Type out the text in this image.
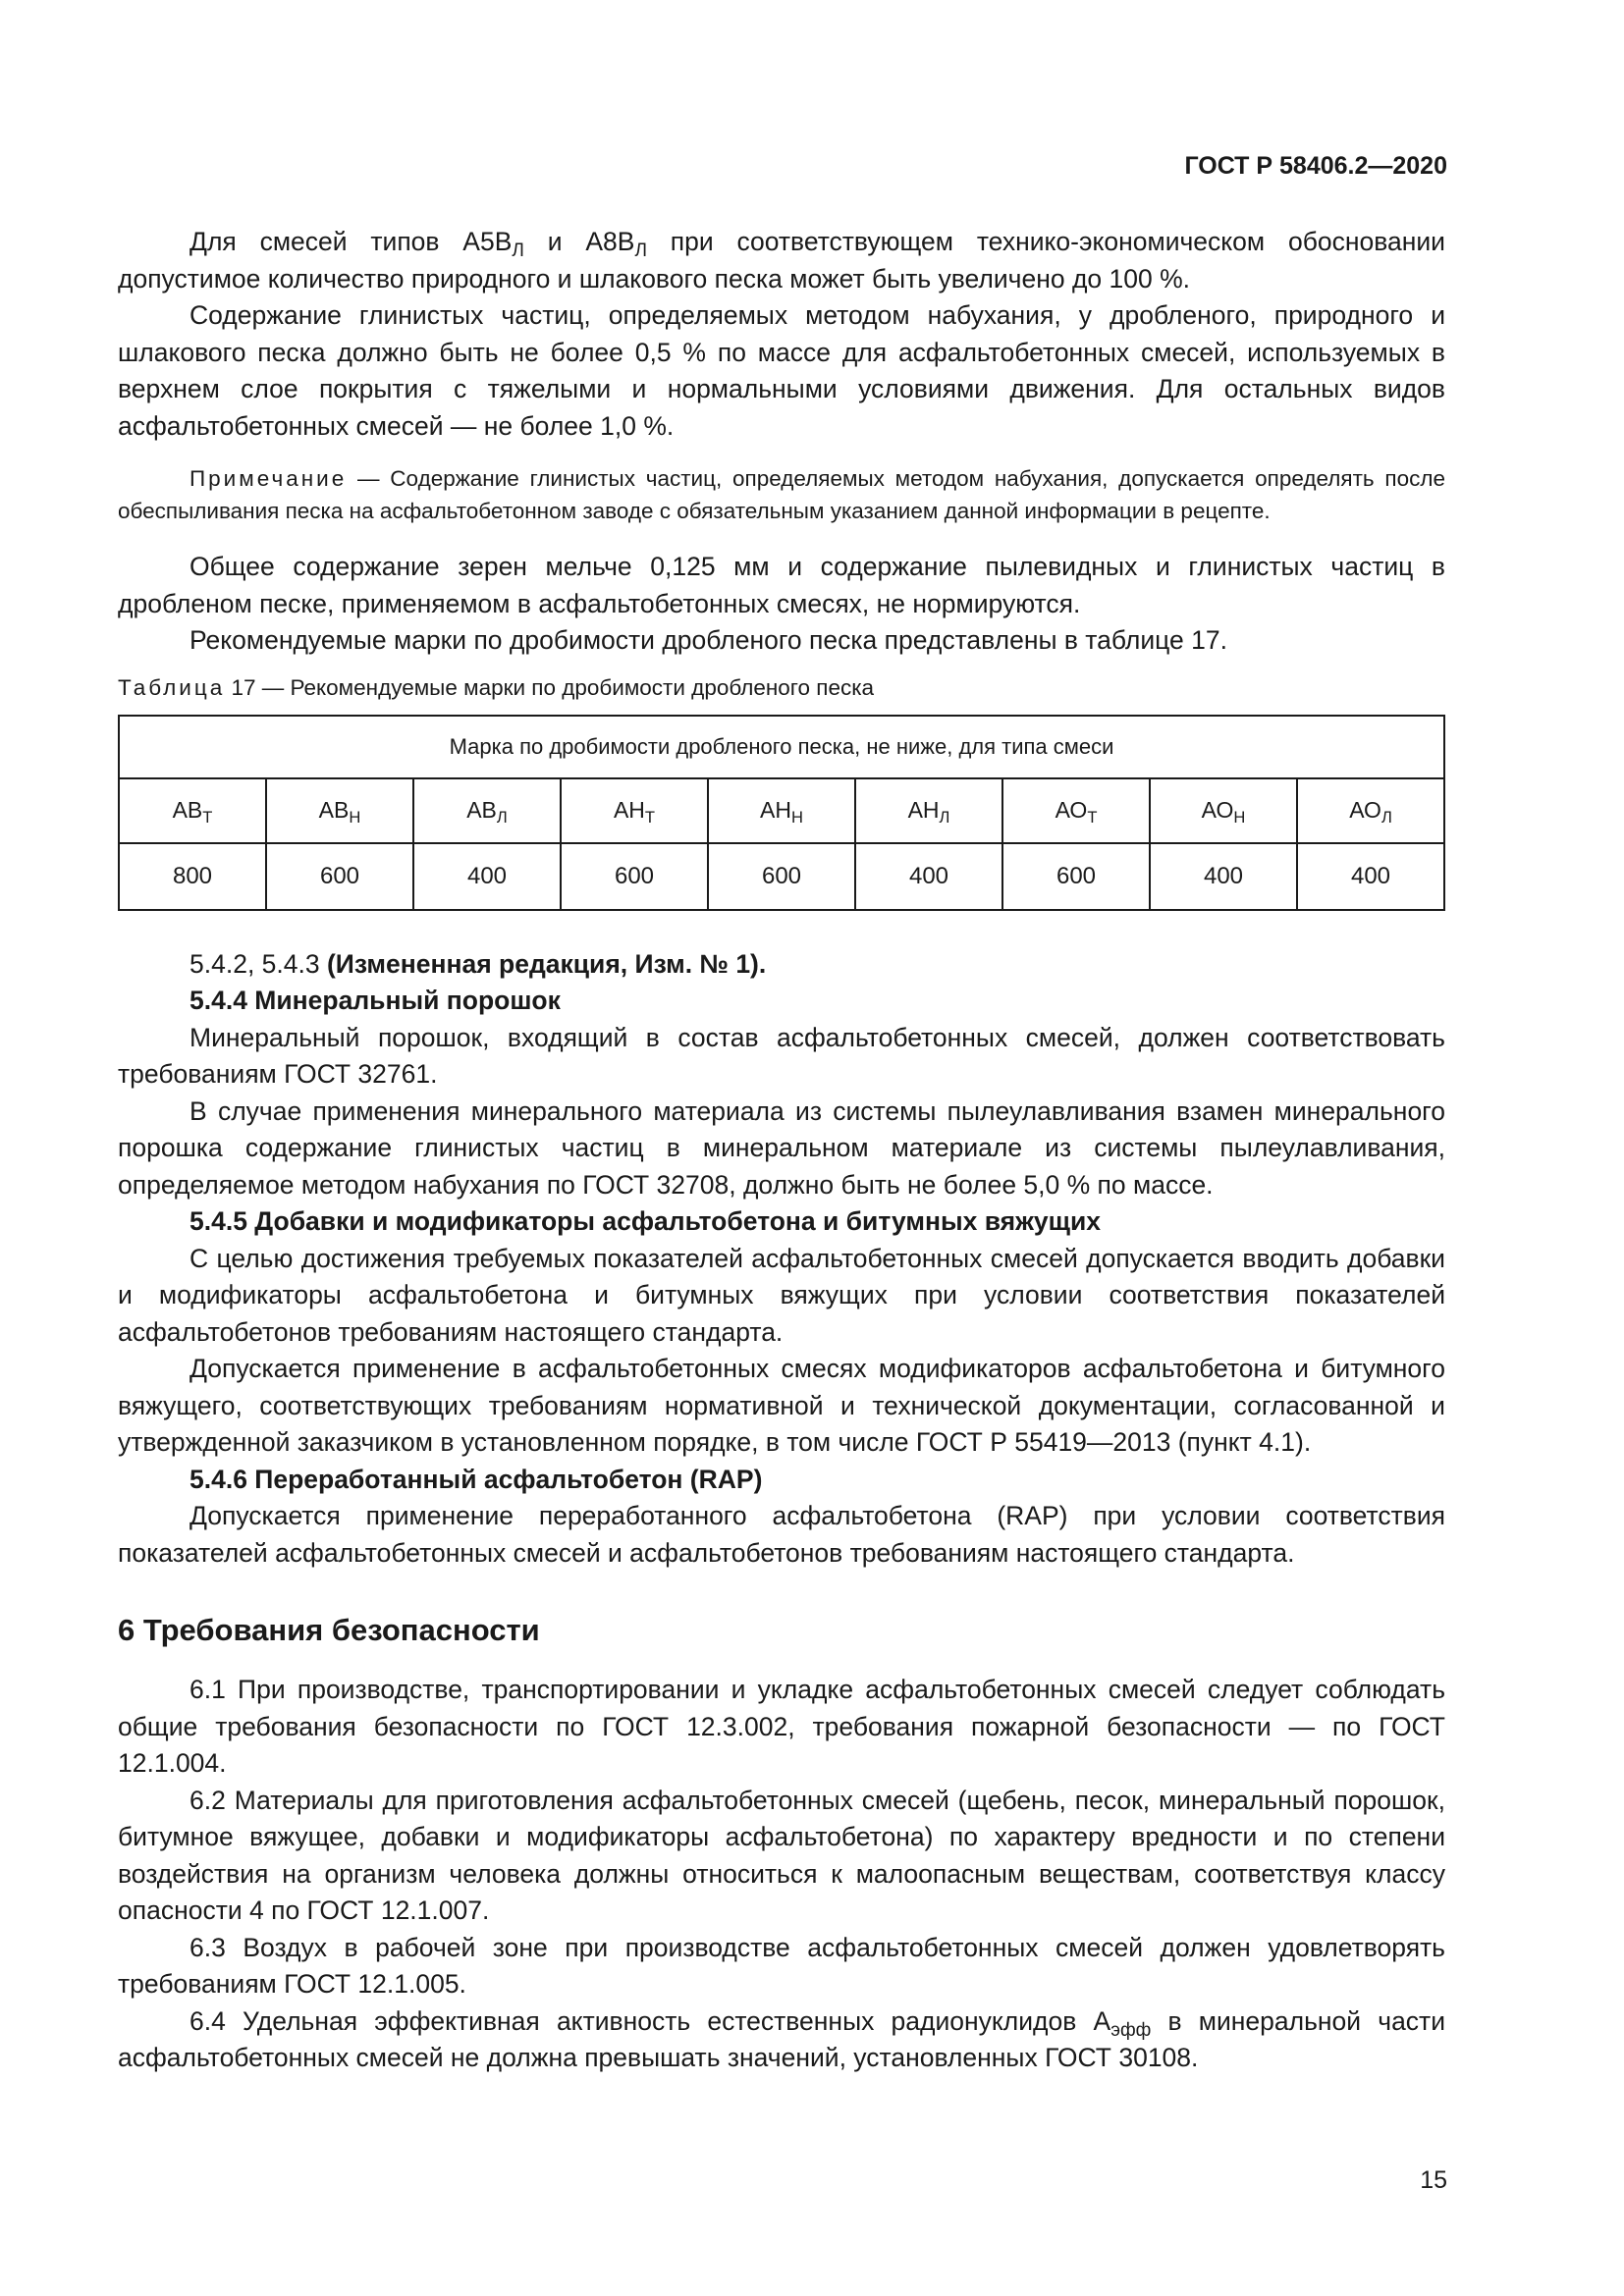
ГОСТ Р 58406.2—2020

Для смесей типов $А5В_Л$ и $А8В_Л$ при соответствующем технико-экономическом обосновании допустимое количество природного и шлакового песка может быть увеличено до 100 %.

Содержание глинистых частиц, определяемых методом набухания, у дробленого, природного и шлакового песка должно быть не более 0,5 % по массе для асфальтобетонных смесей, используемых в верхнем слое покрытия с тяжелыми и нормальными условиями движения. Для остальных видов асфальтобетонных смесей — не более 1,0 %.

Примечание — Содержание глинистых частиц, определяемых методом набухания, допускается определять после обеспыливания песка на асфальтобетонном заводе с обязательным указанием данной информации в рецепте.

Общее содержание зерен мельче 0,125 мм и содержание пылевидных и глинистых частиц в дробленом песке, применяемом в асфальтобетонных смесях, не нормируются.

Рекомендуемые марки по дробимости дробленого песка представлены в таблице 17.

Таблица 17 — Рекомендуемые марки по дробимости дробленого песка
Марка по дробимости дробленого песка, не ниже, для типа смеси								
$АВ_Т$	$АВ_Н$	$АВ_Л$	$АН_Т$	$АН_Н$	$АН_Л$	$АО_Т$	$АО_Н$	$АО_Л$
800	600	400	600	600	400	600	400	400

5.4.2, 5.4.3 (Измененная редакция, Изм. № 1).

5.4.4 Минеральный порошок

Минеральный порошок, входящий в состав асфальтобетонных смесей, должен соответствовать требованиям ГОСТ 32761.

В случае применения минерального материала из системы пылеулавливания взамен минерального порошка содержание глинистых частиц в минеральном материале из системы пылеулавливания, определяемое методом набухания по ГОСТ 32708, должно быть не более 5,0 % по массе.

5.4.5 Добавки и модификаторы асфальтобетона и битумных вяжущих

С целью достижения требуемых показателей асфальтобетонных смесей допускается вводить добавки и модификаторы асфальтобетона и битумных вяжущих при условии соответствия показателей асфальтобетонов требованиям настоящего стандарта.

Допускается применение в асфальтобетонных смесях модификаторов асфальтобетона и битумного вяжущего, соответствующих требованиям нормативной и технической документации, согласованной и утвержденной заказчиком в установленном порядке, в том числе ГОСТ Р 55419—2013 (пункт 4.1).

5.4.6 Переработанный асфальтобетон (RAP)

Допускается применение переработанного асфальтобетона (RAP) при условии соответствия показателей асфальтобетонных смесей и асфальтобетонов требованиям настоящего стандарта.

6 Требования безопасности

6.1 При производстве, транспортировании и укладке асфальтобетонных смесей следует соблюдать общие требования безопасности по ГОСТ 12.3.002, требования пожарной безопасности — по ГОСТ 12.1.004.

6.2 Материалы для приготовления асфальтобетонных смесей (щебень, песок, минеральный порошок, битумное вяжущее, добавки и модификаторы асфальтобетона) по характеру вредности и по степени воздействия на организм человека должны относиться к малоопасным веществам, соответствуя классу опасности 4 по ГОСТ 12.1.007.

6.3 Воздух в рабочей зоне при производстве асфальтобетонных смесей должен удовлетворять требованиям ГОСТ 12.1.005.

6.4 Удельная эффективная активность естественных радионуклидов $А_{эфф}$ в минеральной части асфальтобетонных смесей не должна превышать значений, установленных ГОСТ 30108.

15
